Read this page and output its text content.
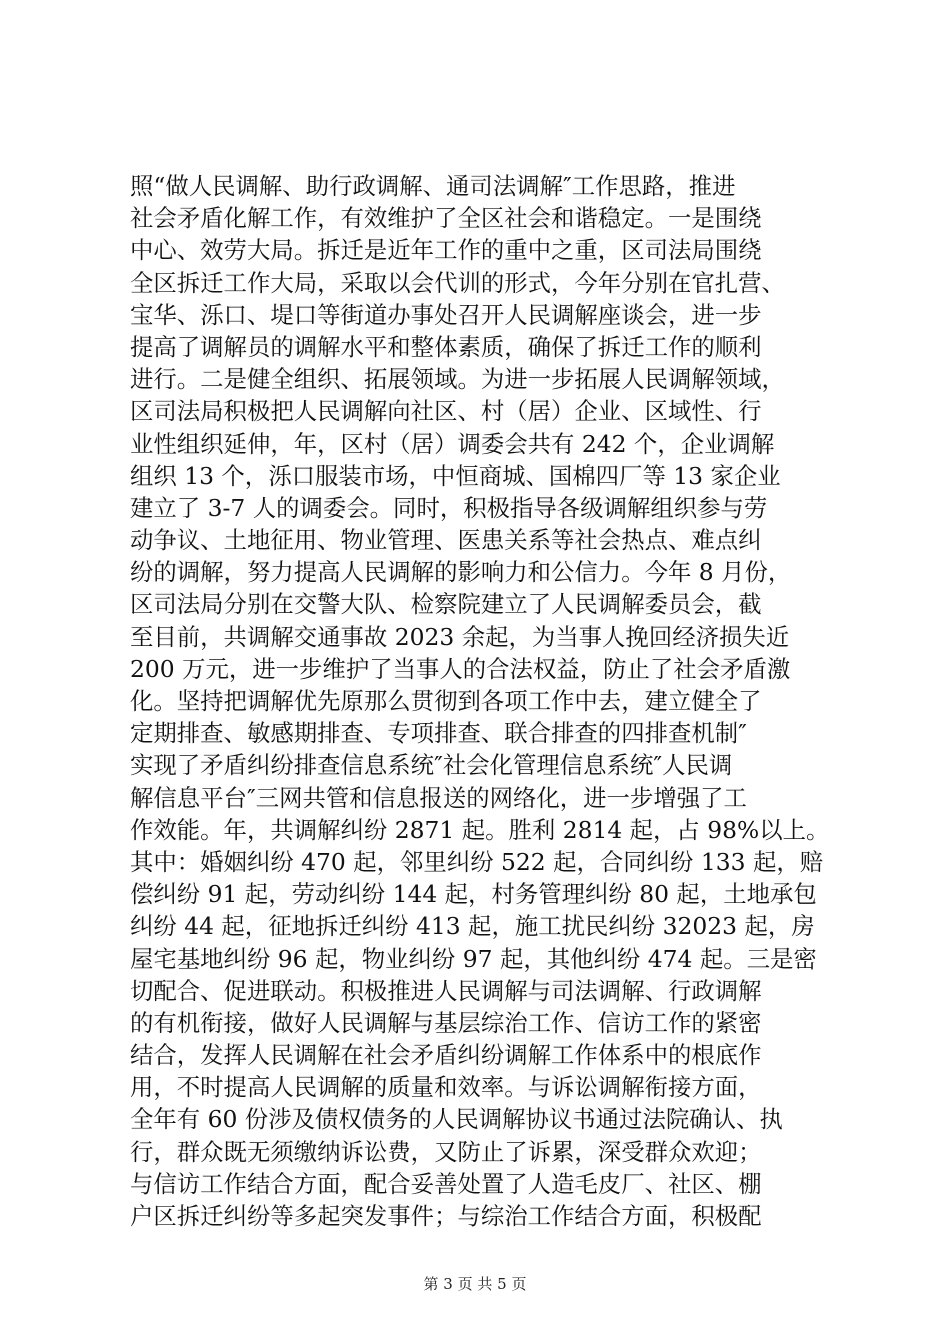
照“做人民调解、助行政调解、通司法调解″工作思路，推进
社会矛盾化解工作，有效维护了全区社会和谐稳定。一是围绕
中心、效劳大局。拆迁是近年工作的重中之重，区司法局围绕
全区拆迁工作大局，采取以会代训的形式，今年分别在官扎营、
宝华、泺口、堤口等街道办事处召开人民调解座谈会，进一步
提高了调解员的调解水平和整体素质，确保了拆迁工作的顺利
进行。二是健全组织、拓展领域。为进一步拓展人民调解领域，
区司法局积极把人民调解向社区、村（居）企业、区域性、行
业性组织延伸，年，区村（居）调委会共有 242 个，企业调解
组织 13 个，泺口服装市场，中恒商城、国棉四厂等 13 家企业
建立了 3-7 人的调委会。同时，积极指导各级调解组织参与劳
动争议、土地征用、物业管理、医患关系等社会热点、难点纠
纷的调解，努力提高人民调解的影响力和公信力。今年 8 月份，
区司法局分别在交警大队、检察院建立了人民调解委员会，截
至目前，共调解交通事故 2023 余起，为当事人挽回经济损失近
200 万元，进一步维护了当事人的合法权益，防止了社会矛盾激
化。坚持把调解优先原那么贯彻到各项工作中去，建立健全了
定期排查、敏感期排查、专项排查、联合排查的四排查机制″
实现了矛盾纠纷排查信息系统″社会化管理信息系统″人民调
解信息平台″三网共管和信息报送的网络化，进一步增强了工
作效能。年，共调解纠纷 2871 起。胜利 2814 起，占 98%以上。
其中：婚姻纠纷 470 起，邻里纠纷 522 起，合同纠纷 133 起，赔
偿纠纷 91 起，劳动纠纷 144 起，村务管理纠纷 80 起，土地承包
纠纷 44 起，征地拆迁纠纷 413 起，施工扰民纠纷 32023 起，房
屋宅基地纠纷 96 起，物业纠纷 97 起，其他纠纷 474 起。三是密
切配合、促进联动。积极推进人民调解与司法调解、行政调解
的有机衔接，做好人民调解与基层综治工作、信访工作的紧密
结合，发挥人民调解在社会矛盾纠纷调解工作体系中的根底作
用，不时提高人民调解的质量和效率。与诉讼调解衔接方面，
全年有 60 份涉及债权债务的人民调解协议书通过法院确认、执
行，群众既无须缴纳诉讼费，又防止了诉累，深受群众欢迎；
与信访工作结合方面，配合妥善处置了人造毛皮厂、社区、棚
户区拆迁纠纷等多起突发事件；与综治工作结合方面，积极配
第 3 页 共 5 页
